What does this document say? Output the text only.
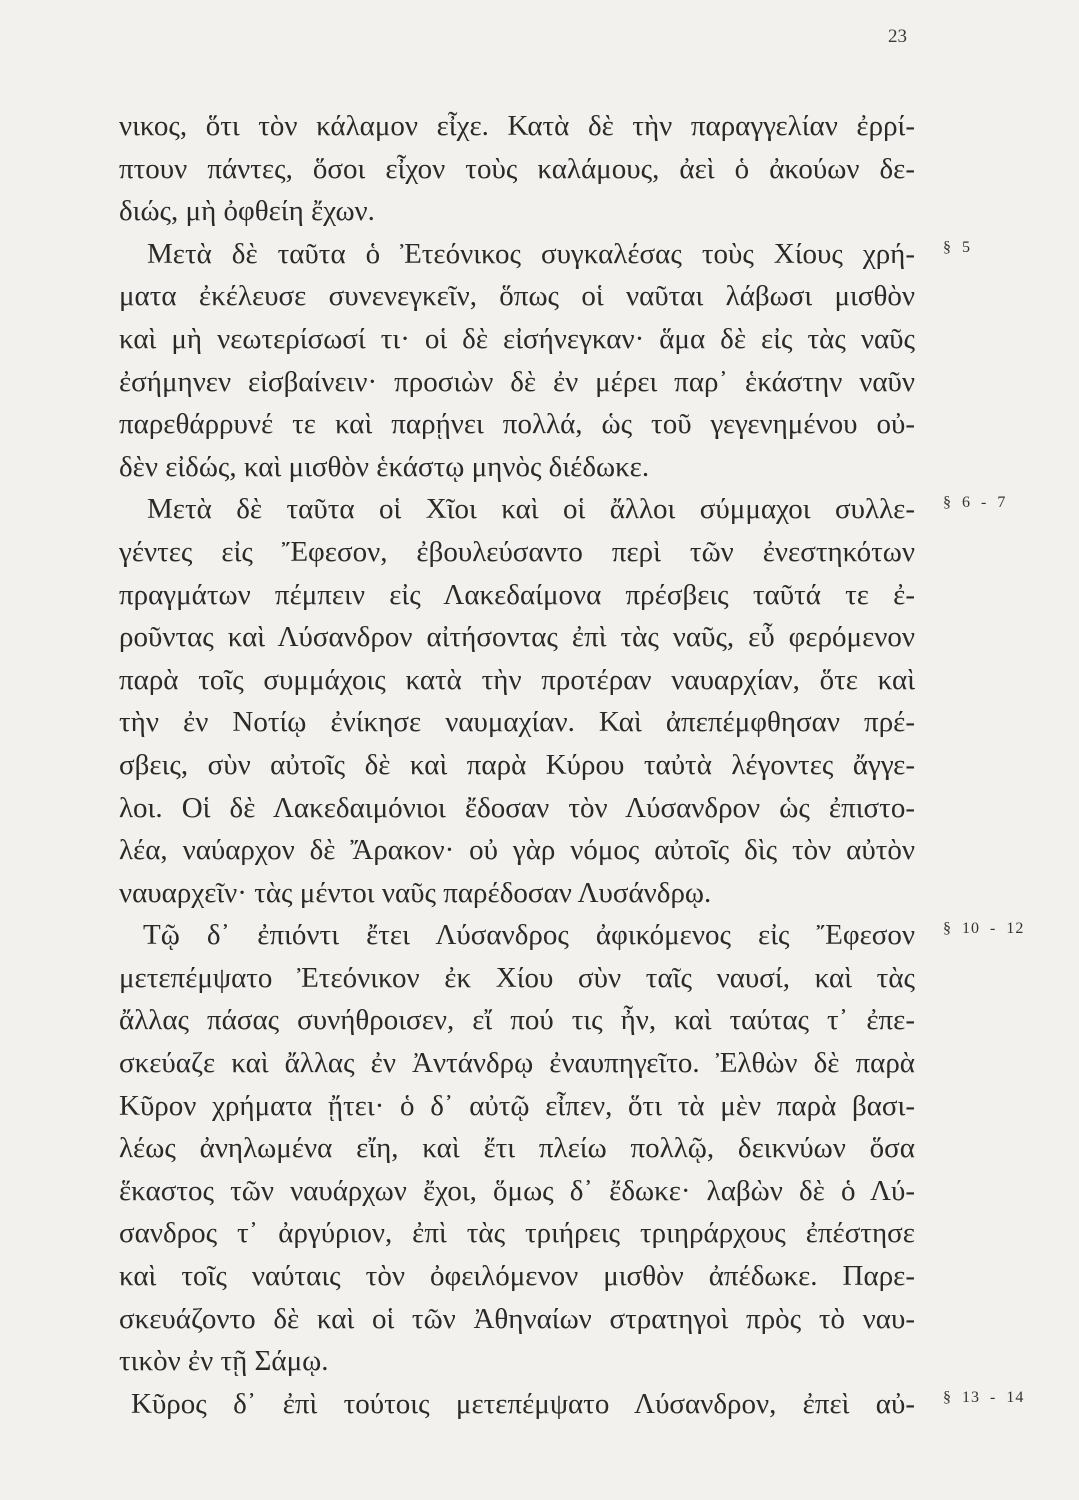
23
νικος, ὅτι τὸν κάλαμον εἶχε. Κατὰ δὲ τὴν παραγγελίαν ἐρρί-
πτουν πάντες, ὅσοι εἶχον τοὺς καλάμους, ἀεὶ ὁ ἀκούων δε-
διώς, μὴ ὀφθείη ἔχων.
Μετὰ δὲ ταῦτα ὁ Ἐτεόνικος συγκαλέσας τοὺς Χίους χρή- § 5
ματα ἐκέλευσε συνενεγκεῖν, ὅπως οἱ ναῦται λάβωσι μισθὸν
καὶ μὴ νεωτερίσωσί τι· οἱ δὲ εἰσήνεγκαν· ἅμα δὲ εἰς τὰς ναῦς
ἐσήμηνεν εἰσβαίνειν· προσιὼν δὲ ἐν μέρει παρ᾽ ἑκάστην ναῦν
παρεθάρρυνέ τε καὶ παρῄνει πολλά, ὡς τοῦ γεγενημένου οὐ-
δὲν εἰδώς, καὶ μισθὸν ἑκάστῳ μηνὸς διέδωκε.
Μετὰ δὲ ταῦτα οἱ Χῖοι καὶ οἱ ἄλλοι σύμμαχοι συλλε- § 6 - 7
γέντες εἰς Ἔφεσον, ἐβουλεύσαντο περὶ τῶν ἐνεστηκότων
πραγμάτων πέμπειν εἰς Λακεδαίμονα πρέσβεις ταῦτά τε ἐ-
ροῦντας καὶ Λύσανδρον αἰτήσοντας ἐπὶ τὰς ναῦς, εὖ φερόμενον
παρὰ τοῖς συμμάχοις κατὰ τὴν προτέραν ναυαρχίαν, ὅτε καὶ
τὴν ἐν Νοτίῳ ἐνίκησε ναυμαχίαν. Καὶ ἀπεπέμφθησαν πρέ-
σβεις, σὺν αὐτοῖς δὲ καὶ παρὰ Κύρου ταὐτὰ λέγοντες ἄγγε-
λοι. Οἱ δὲ Λακεδαιμόνιοι ἔδοσαν τὸν Λύσανδρον ὡς ἐπιστο-
λέα, ναύαρχον δὲ Ἄρακον· οὐ γὰρ νόμος αὐτοῖς δὶς τὸν αὐτὸν
ναυαρχεῖν· τὰς μέντοι ναῦς παρέδοσαν Λυσάνδρῳ.
Τῷ δ᾽ ἐπιόντι ἔτει Λύσανδρος ἀφικόμενος εἰς Ἔφεσον § 10 - 12
μετεπέμψατο Ἐτεόνικον ἐκ Χίου σὺν ταῖς ναυσί, καὶ τὰς
ἄλλας πάσας συνήθροισεν, εἴ πού τις ἦν, καὶ ταύτας τ᾽ ἐπε-
σκεύαζε καὶ ἄλλας ἐν Ἀντάνδρῳ ἐναυπηγεῖτο. Ἐλθὼν δὲ παρὰ
Κῦρον χρήματα ᾔτει· ὁ δ᾽ αὐτῷ εἶπεν, ὅτι τὰ μὲν παρὰ βασι-
λέως ἀνηλωμένα εἴη, καὶ ἔτι πλείω πολλῷ, δεικνύων ὅσα
ἕκαστος τῶν ναυάρχων ἔχοι, ὅμως δ᾽ ἔδωκε· λαβὼν δὲ ὁ Λύ-
σανδρος τ᾽ ἀργύριον, ἐπὶ τὰς τριήρεις τριηράρχους ἐπέστησε
καὶ τοῖς ναύταις τὸν ὀφειλόμενον μισθὸν ἀπέδωκε. Παρε-
σκευάζοντο δὲ καὶ οἱ τῶν Ἀθηναίων στρατηγοὶ πρὸς τὸ ναυ-
τικὸν ἐν τῇ Σάμῳ.
Κῦρος δ᾽ ἐπὶ τούτοις μετεπέμψατο Λύσανδρον, ἐπεὶ αὐ- § 13 - 14
